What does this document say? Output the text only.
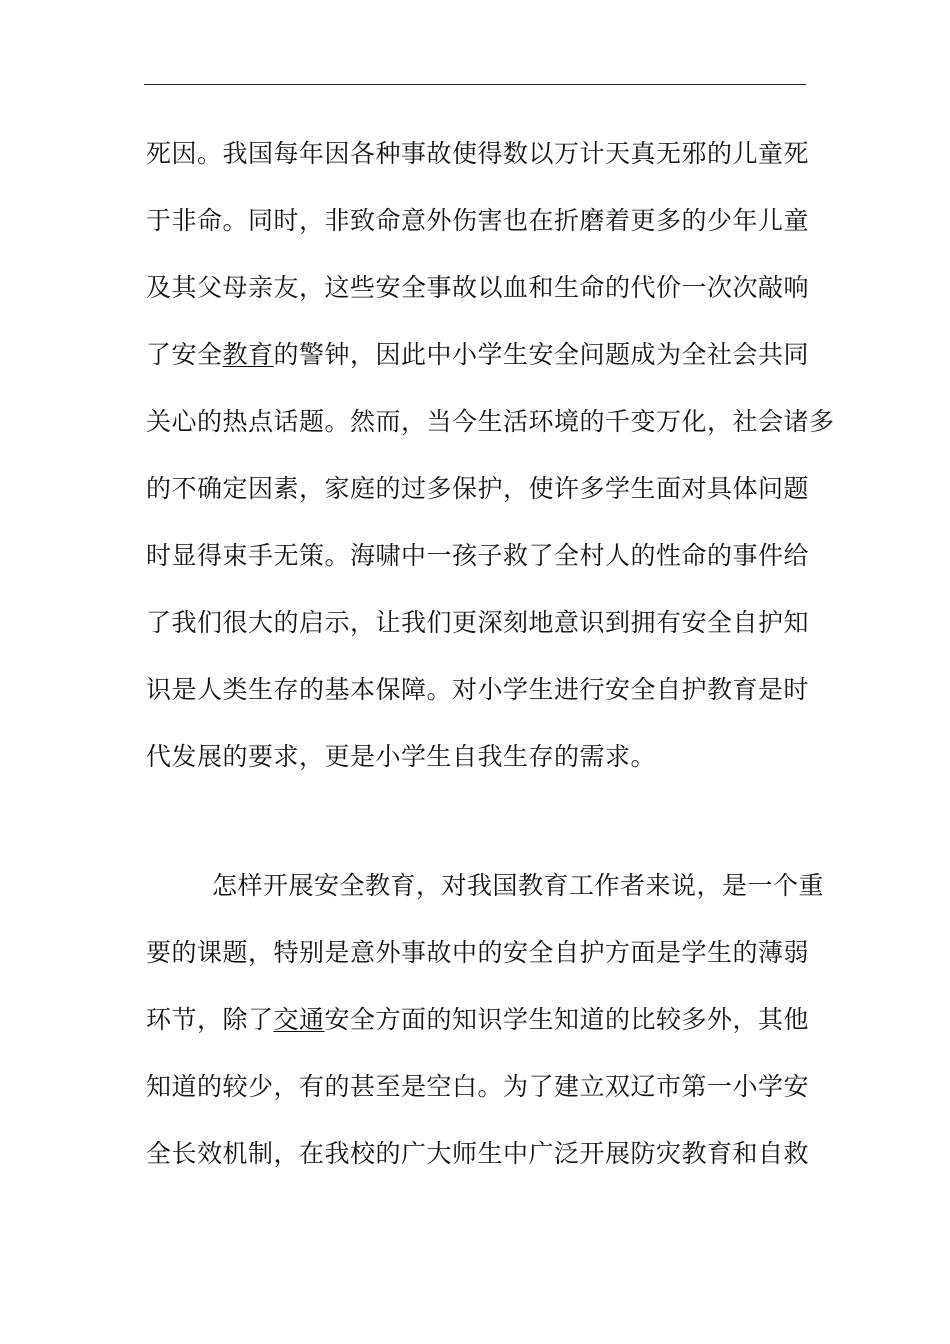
死因。我国每年因各种事故使得数以万计天真无邪的儿童死
于非命。同时，非致命意外伤害也在折磨着更多的少年儿童
及其父母亲友，这些安全事故以血和生命的代价一次次敲响
了安全教育的警钟，因此中小学生安全问题成为全社会共同
关心的热点话题。然而，当今生活环境的千变万化，社会诸多
的不确定因素，家庭的过多保护，使许多学生面对具体问题
时显得束手无策。海啸中一孩子救了全村人的性命的事件给
了我们很大的启示，让我们更深刻地意识到拥有安全自护知
识是人类生存的基本保障。对小学生进行安全自护教育是时
代发展的要求，更是小学生自我生存的需求。
怎样开展安全教育，对我国教育工作者来说，是一个重
要的课题，特别是意外事故中的安全自护方面是学生的薄弱
环节，除了交通安全方面的知识学生知道的比较多外，其他
知道的较少，有的甚至是空白。为了建立双辽市第一小学安
全长效机制，在我校的广大师生中广泛开展防灾教育和自救
